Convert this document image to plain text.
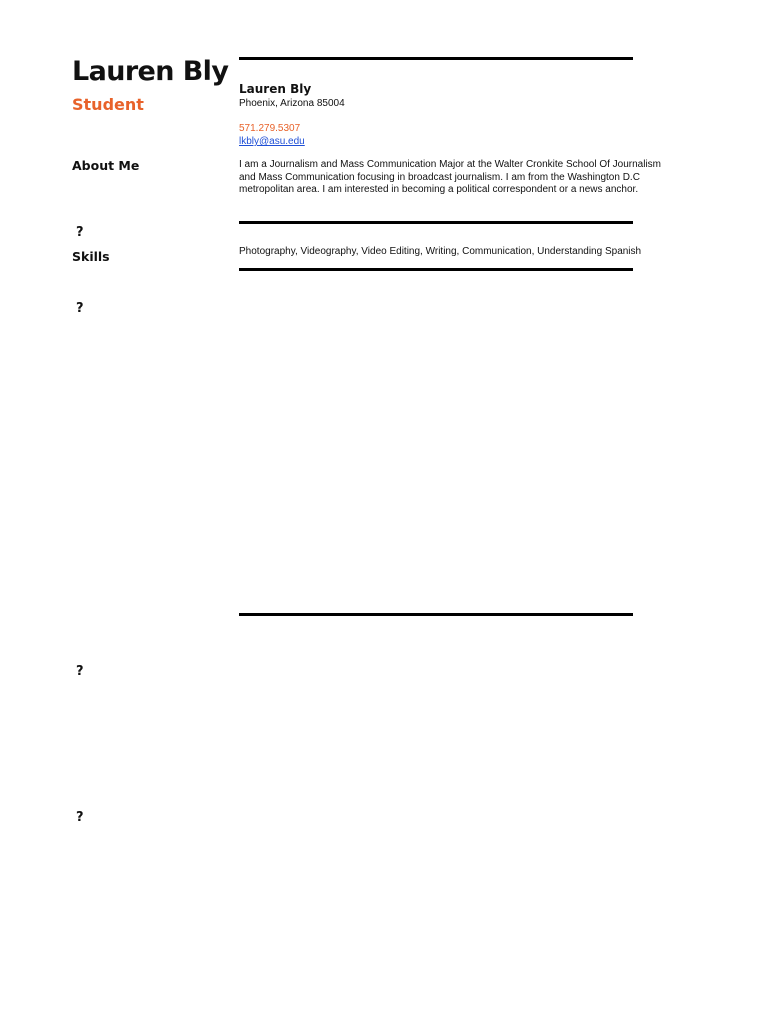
Lauren Bly
Student
About Me
?
Skills
?
?
?
Lauren Bly
Phoenix, Arizona 85004
571.279.5307
lkbly@asu.edu
I am a Journalism and Mass Communication Major at the Walter Cronkite School Of Journalism and Mass Communication focusing in broadcast journalism. I am from the Washington D.C metropolitan area. I am interested in becoming a political correspondent or a news anchor.
Photography, Videography, Video Editing, Writing, Communication, Understanding Spanish
